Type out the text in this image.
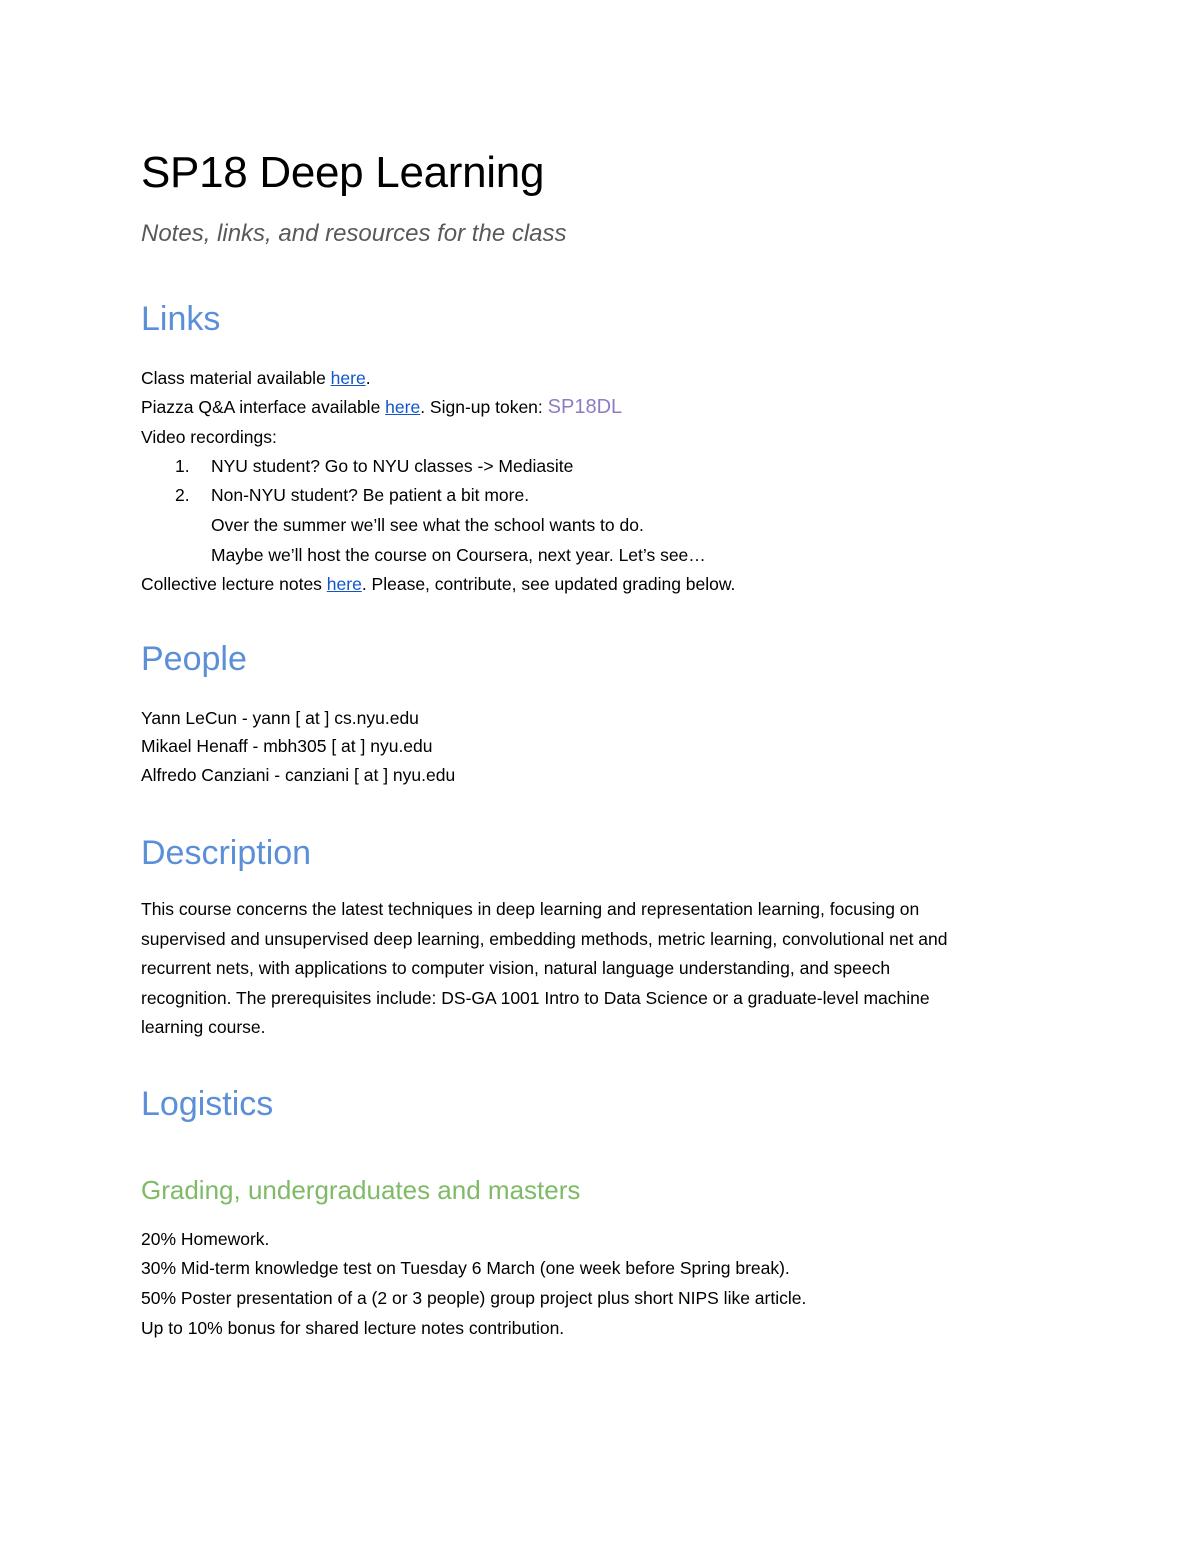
SP18 Deep Learning
Notes, links, and resources for the class
Links
Class material available here.
Piazza Q&A interface available here. Sign-up token: SP18DL
Video recordings:
1. NYU student? Go to NYU classes -> Mediasite
2. Non-NYU student? Be patient a bit more.
Over the summer we’ll see what the school wants to do.
Maybe we’ll host the course on Coursera, next year. Let’s see…
Collective lecture notes here. Please, contribute, see updated grading below.
People
Yann LeCun - yann [ at ] cs.nyu.edu
Mikael Henaff - mbh305 [ at ] nyu.edu
Alfredo Canziani - canziani [ at ] nyu.edu
Description
This course concerns the latest techniques in deep learning and representation learning, focusing on
supervised and unsupervised deep learning, embedding methods, metric learning, convolutional net and
recurrent nets, with applications to computer vision, natural language understanding, and speech
recognition. The prerequisites include: DS-GA 1001 Intro to Data Science or a graduate-level machine
learning course.
Logistics
Grading, undergraduates and masters
20% Homework.
30% Mid-term knowledge test on Tuesday 6 March (one week before Spring break).
50% Poster presentation of a (2 or 3 people) group project plus short NIPS like article.
Up to 10% bonus for shared lecture notes contribution.
